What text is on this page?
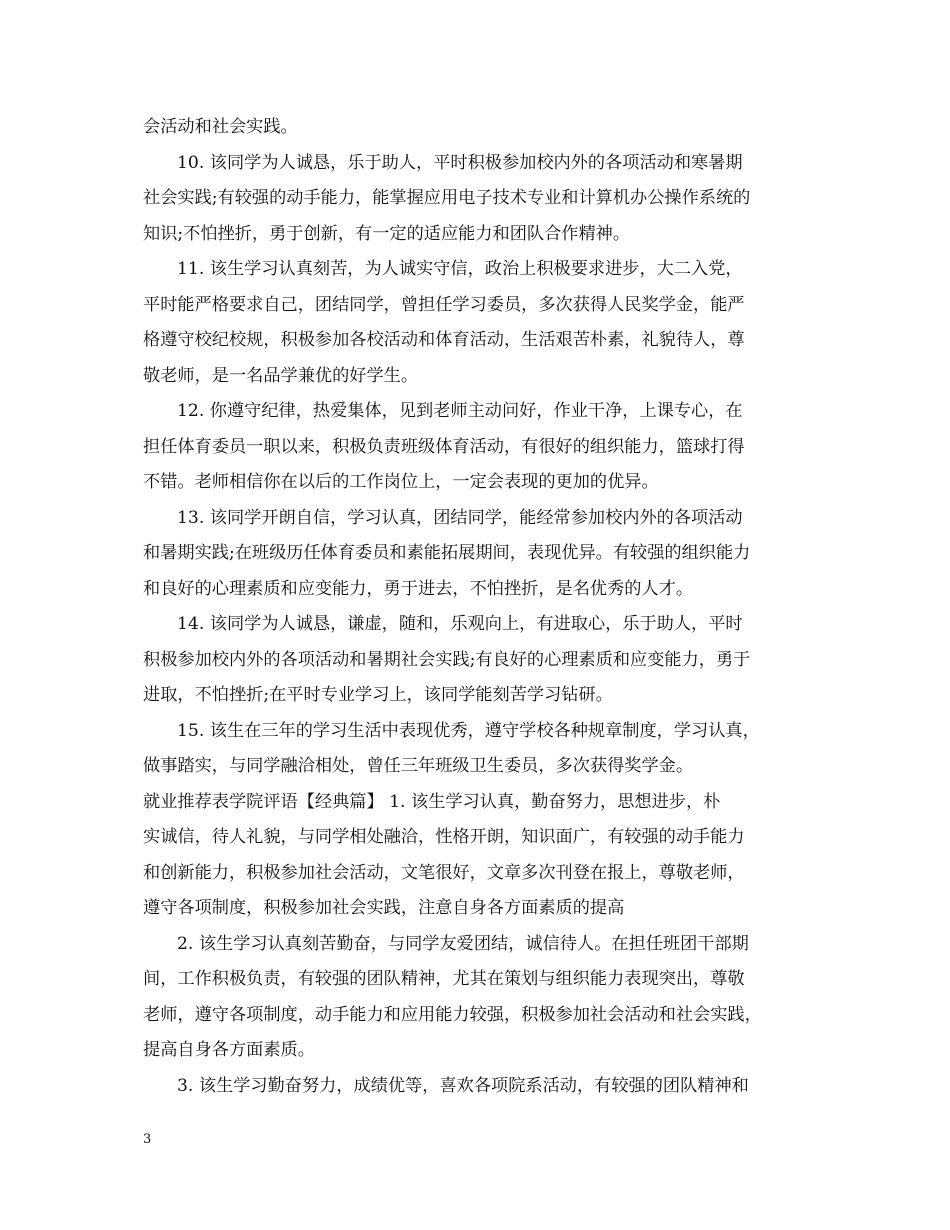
会活动和社会实践。
10. 该同学为人诚恳，乐于助人，平时积极参加校内外的各项活动和寒暑期
社会实践;有较强的动手能力，能掌握应用电子技术专业和计算机办公操作系统的
知识;不怕挫折，勇于创新，有一定的适应能力和团队合作精神。
11. 该生学习认真刻苦，为人诚实守信，政治上积极要求进步，大二入党，
平时能严格要求自己，团结同学，曾担任学习委员，多次获得人民奖学金，能严
格遵守校纪校规，积极参加各校活动和体育活动，生活艰苦朴素，礼貌待人，尊
敬老师，是一名品学兼优的好学生。
12. 你遵守纪律，热爱集体，见到老师主动问好，作业干净，上课专心，在
担任体育委员一职以来，积极负责班级体育活动，有很好的组织能力，篮球打得
不错。老师相信你在以后的工作岗位上，一定会表现的更加的优异。
13. 该同学开朗自信，学习认真，团结同学，能经常参加校内外的各项活动
和暑期实践;在班级历任体育委员和素能拓展期间，表现优异。有较强的组织能力
和良好的心理素质和应变能力，勇于进去，不怕挫折，是名优秀的人才。
14. 该同学为人诚恳，谦虚，随和，乐观向上，有进取心，乐于助人，平时
积极参加校内外的各项活动和暑期社会实践;有良好的心理素质和应变能力，勇于
进取，不怕挫折;在平时专业学习上，该同学能刻苦学习钻研。
15. 该生在三年的学习生活中表现优秀，遵守学校各种规章制度，学习认真，
做事踏实，与同学融洽相处，曾任三年班级卫生委员，多次获得奖学金。
就业推荐表学院评语【经典篇】 1. 该生学习认真，勤奋努力，思想进步，朴
实诚信，待人礼貌，与同学相处融洽，性格开朗，知识面广，有较强的动手能力
和创新能力，积极参加社会活动，文笔很好，文章多次刊登在报上，尊敬老师，
遵守各项制度，积极参加社会实践，注意自身各方面素质的提高
2. 该生学习认真刻苦勤奋，与同学友爱团结，诚信待人。在担任班团干部期
间，工作积极负责，有较强的团队精神，尤其在策划与组织能力表现突出，尊敬
老师，遵守各项制度，动手能力和应用能力较强，积极参加社会活动和社会实践，
提高自身各方面素质。
3. 该生学习勤奋努力，成绩优等，喜欢各项院系活动，有较强的团队精神和
3
